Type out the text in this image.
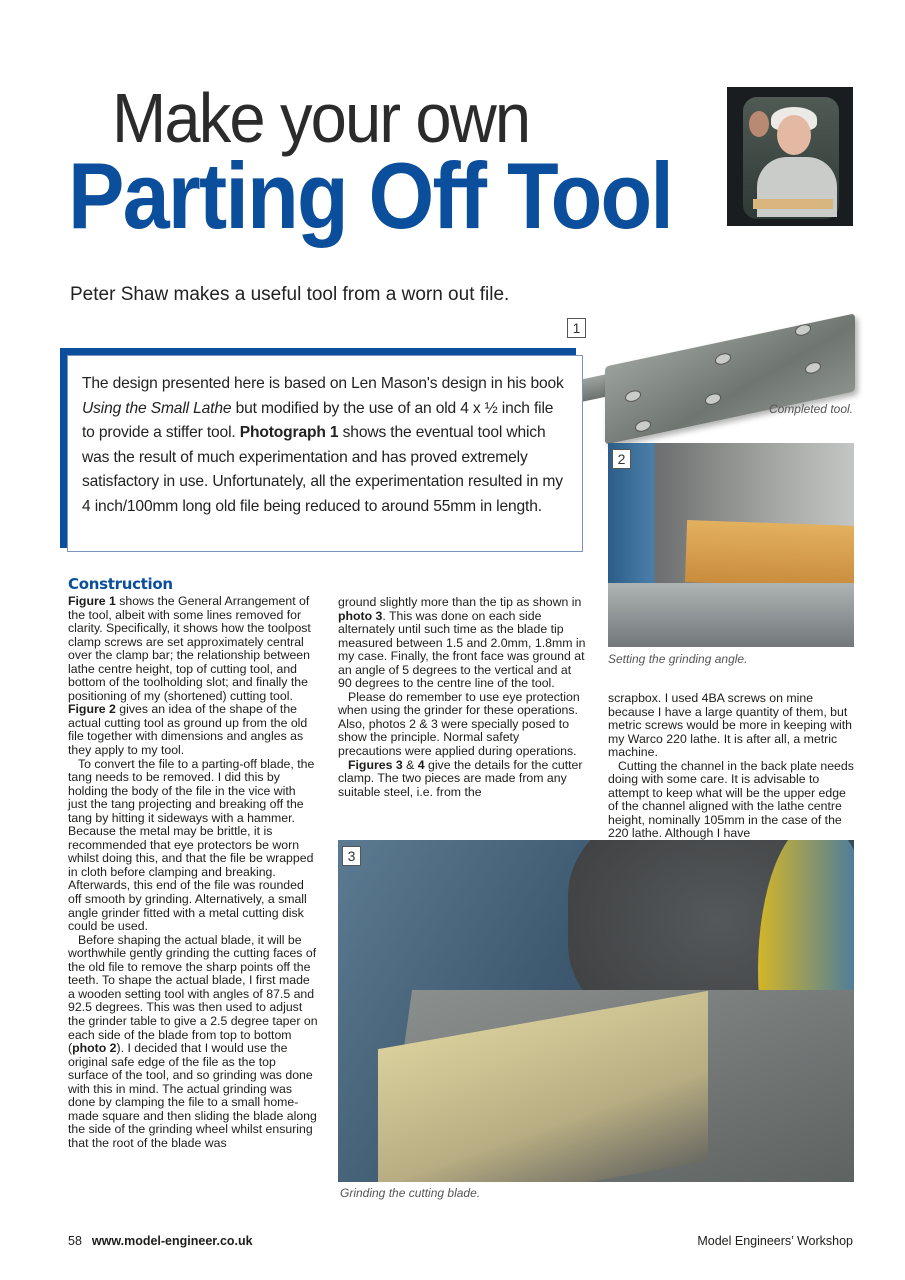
Make your own
Parting Off Tool
Peter Shaw makes a useful tool from a worn out file.
1
Completed tool.
The design presented here is based on Len Mason's design in his book Using the Small Lathe but modified by the use of an old 4 x ½ inch file to provide a stiffer tool. Photograph 1 shows the eventual tool which was the result of much experimentation and has proved extremely satisfactory in use. Unfortunately, all the experimentation resulted in my 4 inch/100mm long old file being reduced to around 55mm in length.
2
Setting the grinding angle.
Construction

Figure 1 shows the General Arrangement of the tool, albeit with some lines removed for clarity. Specifically, it shows how the toolpost clamp screws are set approximately central over the clamp bar; the relationship between lathe centre height, top of cutting tool, and bottom of the toolholding slot; and finally the positioning of my (shortened) cutting tool. Figure 2 gives an idea of the shape of the actual cutting tool as ground up from the old file together with dimensions and angles as they apply to my tool.

To convert the file to a parting-off blade, the tang needs to be removed. I did this by holding the body of the file in the vice with just the tang projecting and breaking off the tang by hitting it sideways with a hammer. Because the metal may be brittle, it is recommended that eye protectors be worn whilst doing this, and that the file be wrapped in cloth before clamping and breaking. Afterwards, this end of the file was rounded off smooth by grinding. Alternatively, a small angle grinder fitted with a metal cutting disk could be used.

Before shaping the actual blade, it will be worthwhile gently grinding the cutting faces of the old file to remove the sharp points off the teeth. To shape the actual blade, I first made a wooden setting tool with angles of 87.5 and 92.5 degrees. This was then used to adjust the grinder table to give a 2.5 degree taper on each side of the blade from top to bottom (photo 2). I decided that I would use the original safe edge of the file as the top surface of the tool, and so grinding was done with this in mind. The actual grinding was done by clamping the file to a small home-made square and then sliding the blade along the side of the grinding wheel whilst ensuring that the root of the blade was

ground slightly more than the tip as shown in photo 3. This was done on each side alternately until such time as the blade tip measured between 1.5 and 2.0mm, 1.8mm in my case. Finally, the front face was ground at an angle of 5 degrees to the vertical and at 90 degrees to the centre line of the tool.

Please do remember to use eye protection when using the grinder for these operations. Also, photos 2 & 3 were specially posed to show the principle. Normal safety precautions were applied during operations.

Figures 3 & 4 give the details for the cutter clamp. The two pieces are made from any suitable steel, i.e. from the

scrapbox. I used 4BA screws on mine because I have a large quantity of them, but metric screws would be more in keeping with my Warco 220 lathe. It is after all, a metric machine.

Cutting the channel in the back plate needs doing with some care. It is advisable to attempt to keep what will be the upper edge of the channel aligned with the lathe centre height, nominally 105mm in the case of the 220 lathe. Although I have

3
Grinding the cutting blade.
58 www.model-engineer.co.uk	Model Engineers’ Workshop
